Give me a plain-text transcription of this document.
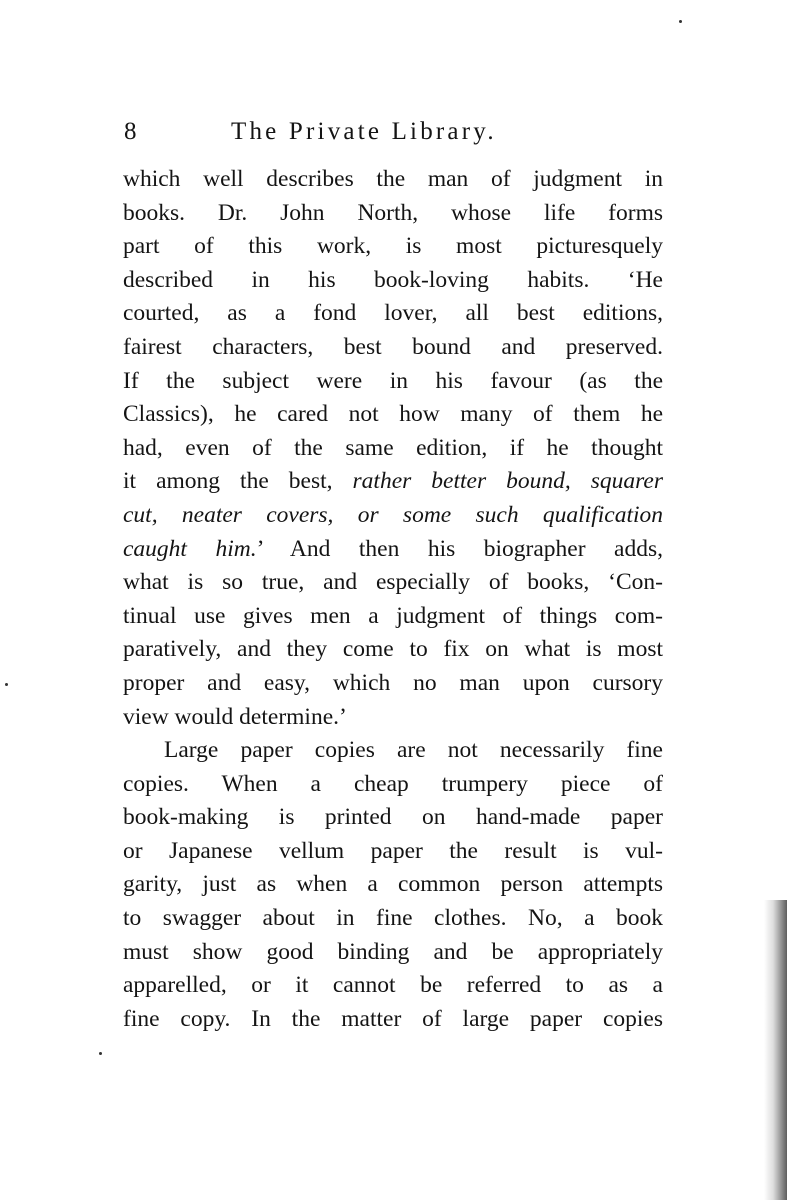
8	The Private Library.
which well describes the man of judgment in
books. Dr. John North, whose life forms
part of this work, is most picturesquely
described in his book-loving habits. ‘He
courted, as a fond lover, all best editions,
fairest characters, best bound and preserved.
If the subject were in his favour (as the
Classics), he cared not how many of them he
had, even of the same edition, if he thought
it among the best, rather better bound, squarer
cut, neater covers, or some such qualification
caught him.’ And then his biographer adds,
what is so true, and especially of books, ‘Con-
tinual use gives men a judgment of things com-
paratively, and they come to fix on what is most
proper and easy, which no man upon cursory
view would determine.’
Large paper copies are not necessarily fine
copies. When a cheap trumpery piece of
book-making is printed on hand-made paper
or Japanese vellum paper the result is vul-
garity, just as when a common person attempts
to swagger about in fine clothes. No, a book
must show good binding and be appropriately
apparelled, or it cannot be referred to as a
fine copy. In the matter of large paper copies
